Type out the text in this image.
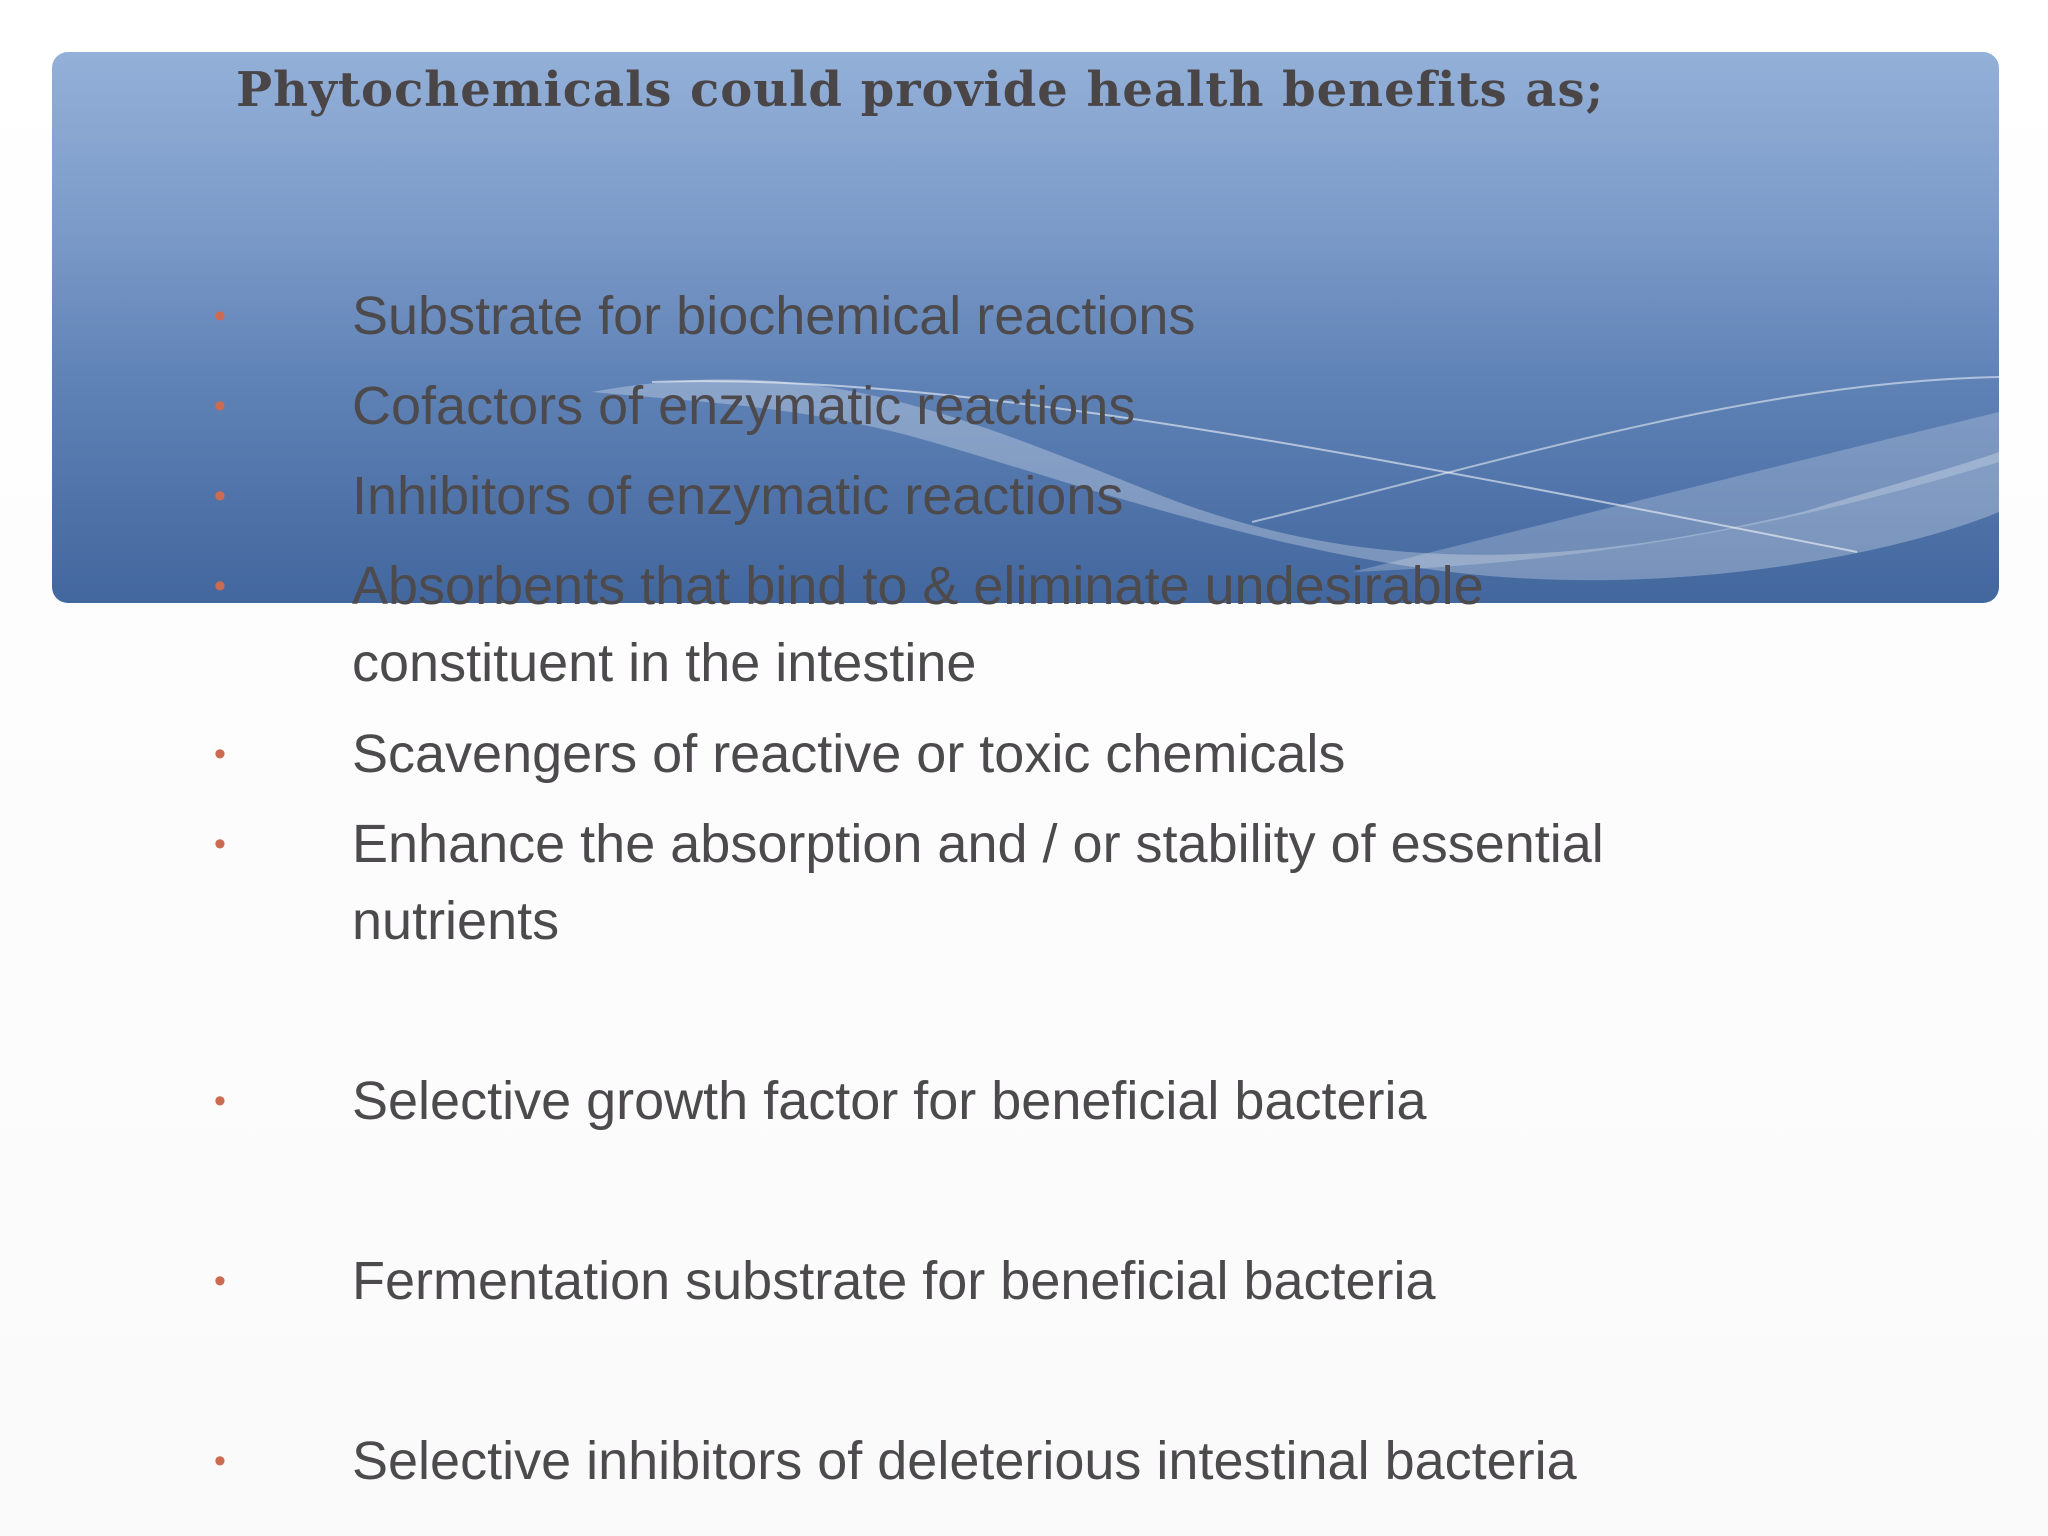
Phytochemicals could provide health benefits as;
• Substrate for biochemical reactions
• Cofactors of enzymatic reactions
• Inhibitors of enzymatic reactions
• Absorbents that bind to & eliminate undesirable constituent in the intestine
• Scavengers of reactive or toxic chemicals
• Enhance the absorption and / or stability of essential nutrients
• Selective growth factor for beneficial bacteria
• Fermentation substrate for beneficial bacteria
• Selective inhibitors of deleterious intestinal bacteria
